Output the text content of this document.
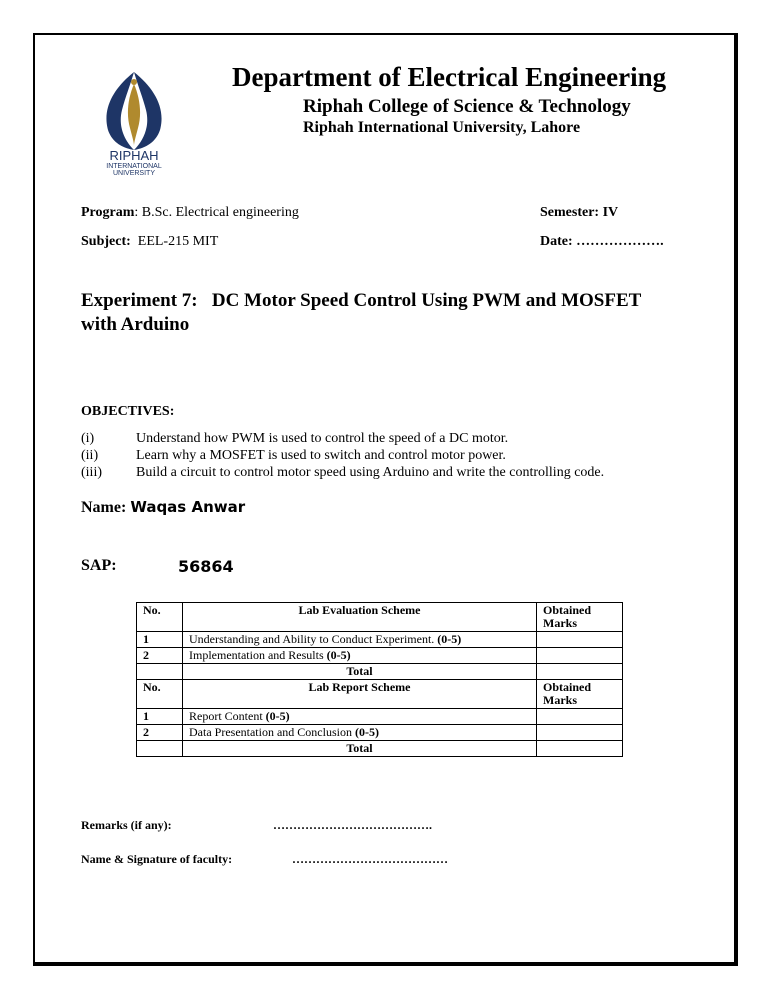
RIPHAH
INTERNATIONAL
UNIVERSITY
Department of Electrical Engineering
Riphah College of Science & Technology
Riphah International University, Lahore
Program: B.Sc. Electrical engineering	Semester: IV
Subject:  EEL-215 MIT	Date: ……………….
Experiment 7:   DC Motor Speed Control Using PWM and MOSFET
with Arduino
OBJECTIVES:
(i)	Understand how PWM is used to control the speed of a DC motor.
(ii)	Learn why a MOSFET is used to switch and control motor power.
(iii) Build a circuit to control motor speed using Arduino and write the controlling code.
Name: Waqas Anwar
SAP:	56864
No.	Lab Evaluation Scheme	Obtained Marks
1	Understanding and Ability to Conduct Experiment. (0-5)	
2	Implementation and Results (0-5)	
	Total	
No.	Lab Report Scheme	Obtained Marks
1	Report Content (0-5)	
2	Data Presentation and Conclusion (0-5)	
	Total	
Remarks (if any):	………………………………….
Name & Signature of faculty:	…………………………………
